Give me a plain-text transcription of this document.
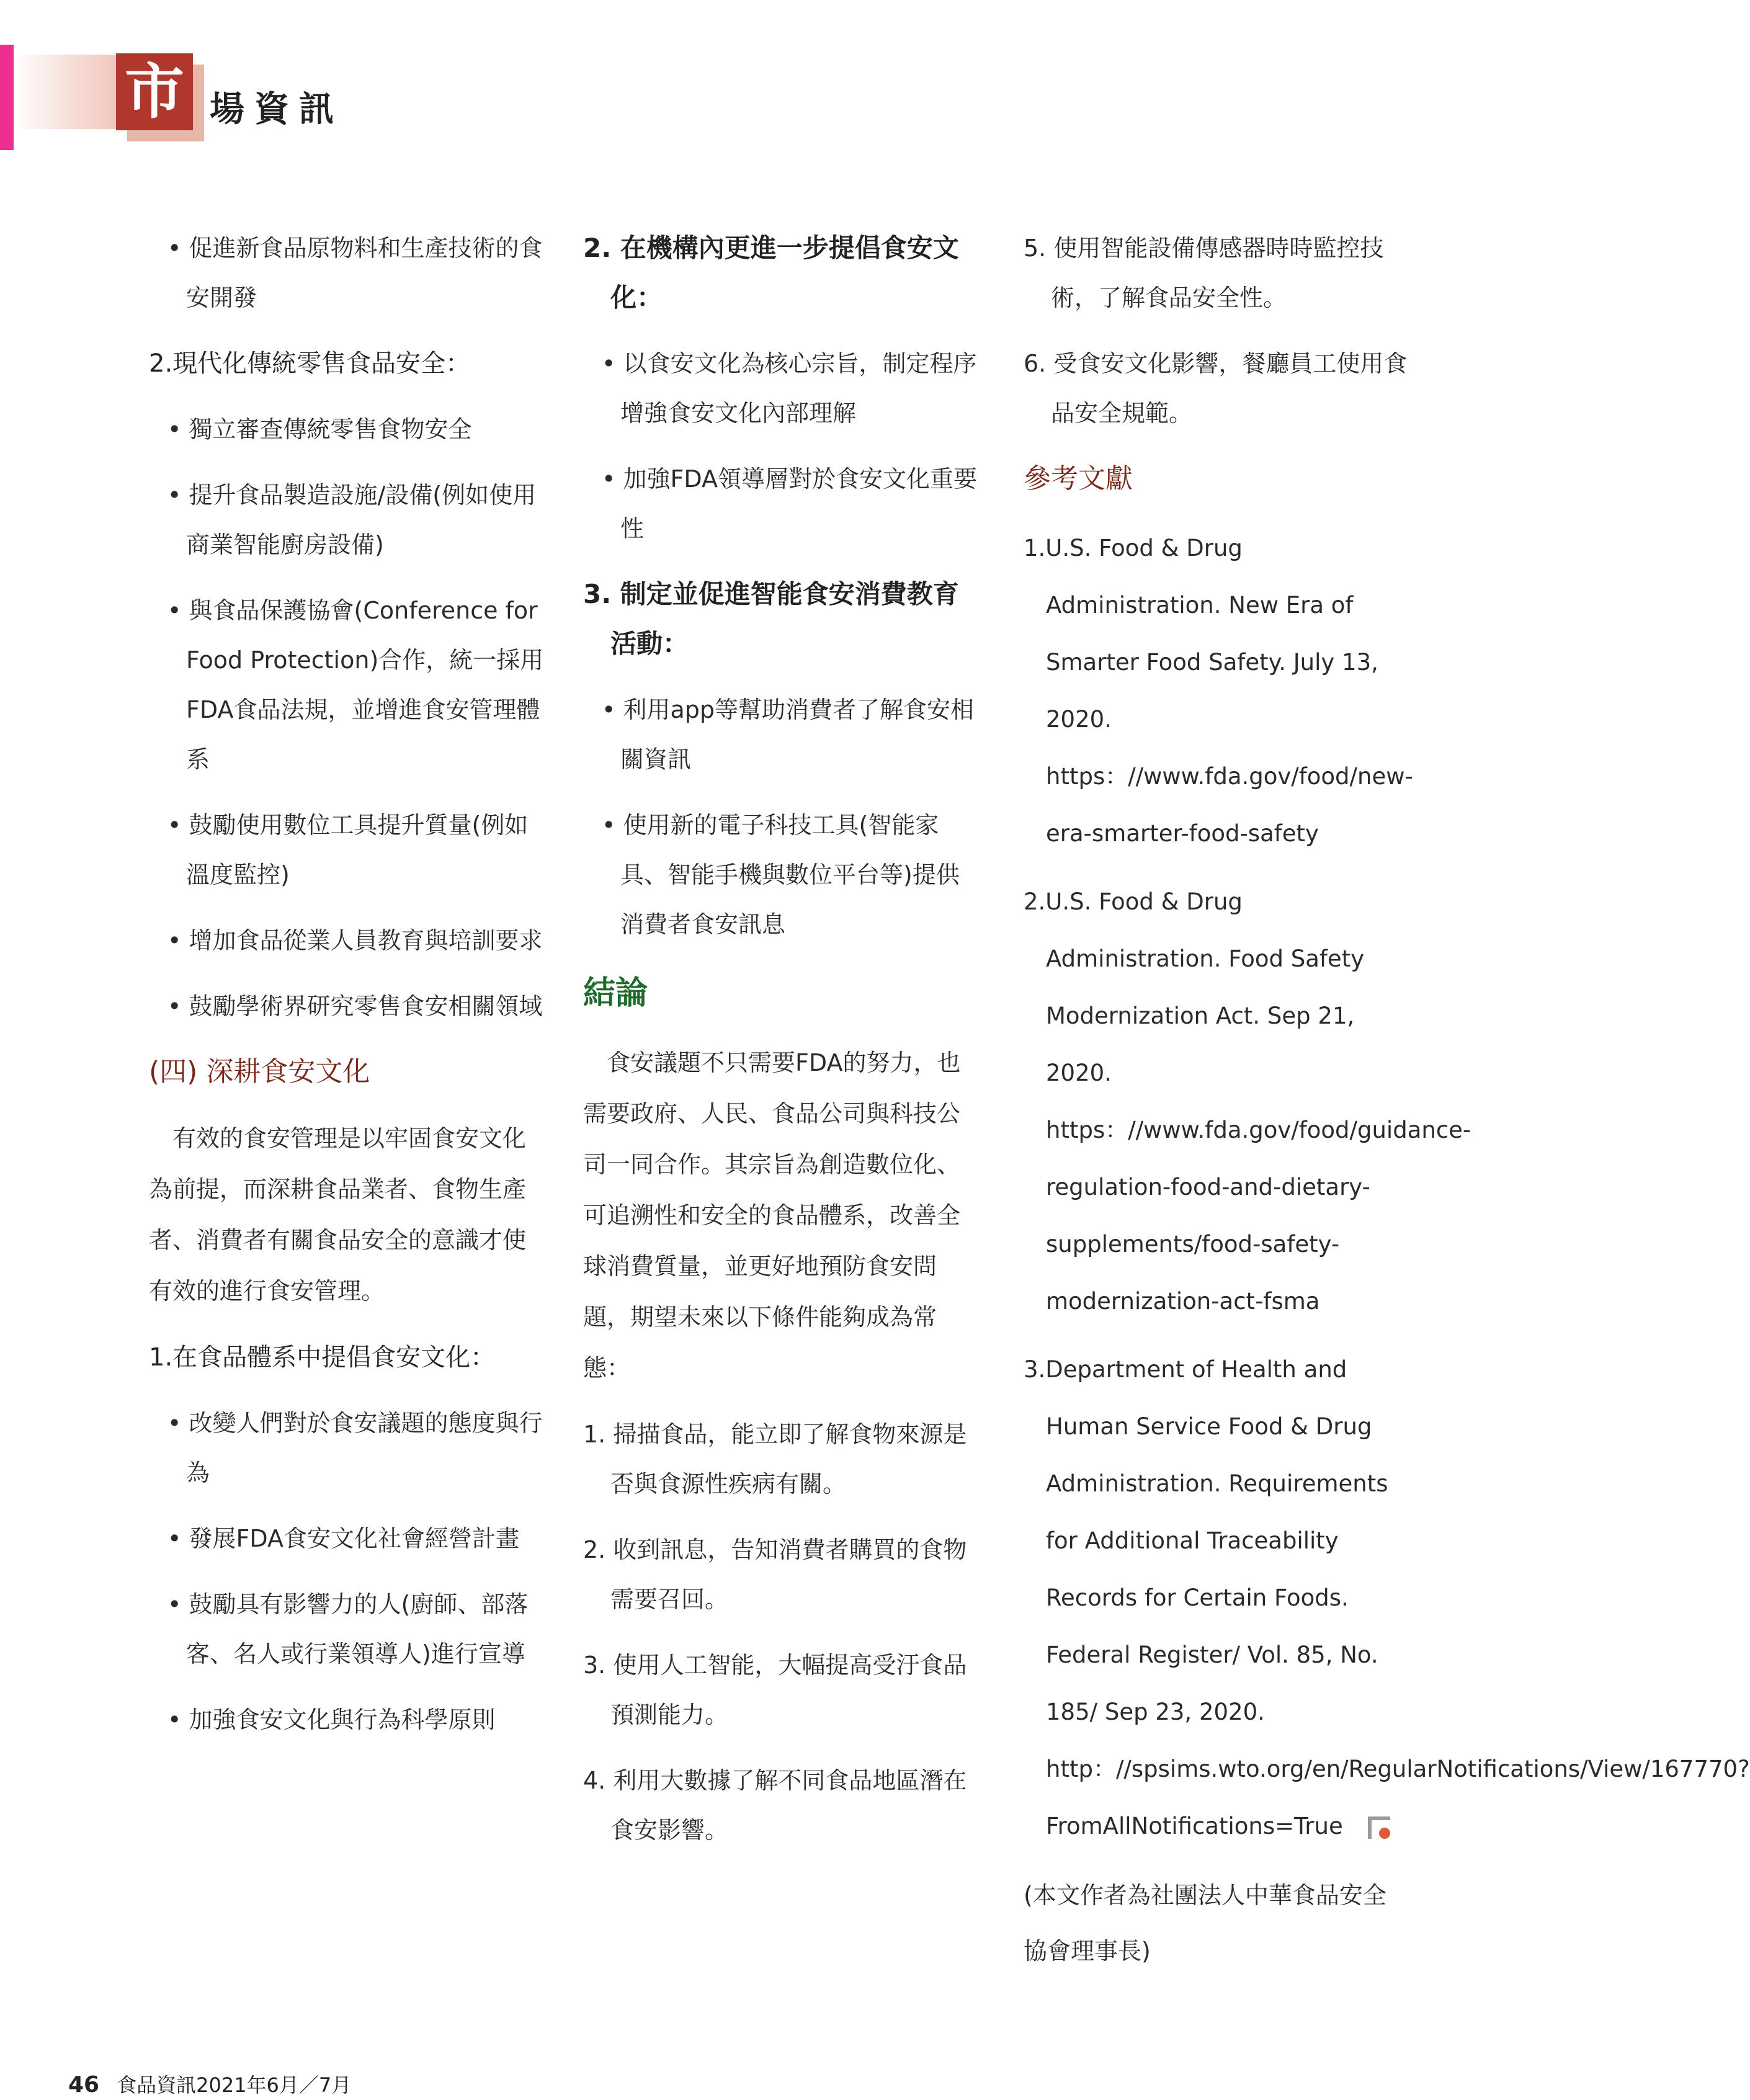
市 場資訊

• 促進新食品原物料和生產技術的食安開發

2.現代化傳統零售食品安全：

• 獨立審查傳統零售食物安全

• 提升食品製造設施/設備(例如使用商業智能廚房設備)

• 與食品保護協會(Conference for Food Protection)合作，統一採用FDA食品法規，並增進食安管理體系

• 鼓勵使用數位工具提升質量(例如溫度監控)

• 增加食品從業人員教育與培訓要求

• 鼓勵學術界研究零售食安相關領域

(四) 深耕食安文化

有效的食安管理是以牢固食安文化為前提，而深耕食品業者、食物生產者、消費者有關食品安全的意識才使有效的進行食安管理。

1.在食品體系中提倡食安文化：

• 改變人們對於食安議題的態度與行為

• 發展FDA食安文化社會經營計畫

• 鼓勵具有影響力的人(廚師、部落客、名人或行業領導人)進行宣導

• 加強食安文化與行為科學原則

2. 在機構內更進一步提倡食安文化：

• 以食安文化為核心宗旨，制定程序增強食安文化內部理解

• 加強FDA領導層對於食安文化重要性

3. 制定並促進智能食安消費教育活動：

• 利用app等幫助消費者了解食安相關資訊

• 使用新的電子科技工具(智能家具、智能手機與數位平台等)提供消費者食安訊息

結論

食安議題不只需要FDA的努力，也需要政府、人民、食品公司與科技公司一同合作。其宗旨為創造數位化、可追溯性和安全的食品體系，改善全球消費質量，並更好地預防食安問題，期望未來以下條件能夠成為常態：

1. 掃描食品，能立即了解食物來源是否與食源性疾病有關。

2. 收到訊息，告知消費者購買的食物需要召回。

3. 使用人工智能，大幅提高受汙食品預測能力。

4. 利用大數據了解不同食品地區潛在食安影響。

5. 使用智能設備傳感器時時監控技術，了解食品安全性。

6. 受食安文化影響，餐廳員工使用食品安全規範。

參考文獻

1.U.S. Food & Drug Administration. New Era of Smarter Food Safety. July 13, 2020. https：//www.fda.gov/food/new-era-smarter-food-safety

2.U.S. Food & Drug Administration. Food Safety Modernization Act. Sep 21, 2020. https：//www.fda.gov/food/guidance-regulation-food-and-dietary-supplements/food-safety-modernization-act-fsma

3.Department of Health and Human Service Food & Drug Administration. Requirements for Additional Traceability Records for Certain Foods. Federal Register/ Vol. 85, No. 185/ Sep 23, 2020. http：//spsims.wto.org/en/RegularNotifications/View/167770?FromAllNotifications=True

(本文作者為社團法人中華食品安全協會理事長)

46 食品資訊2021年6月／7月
